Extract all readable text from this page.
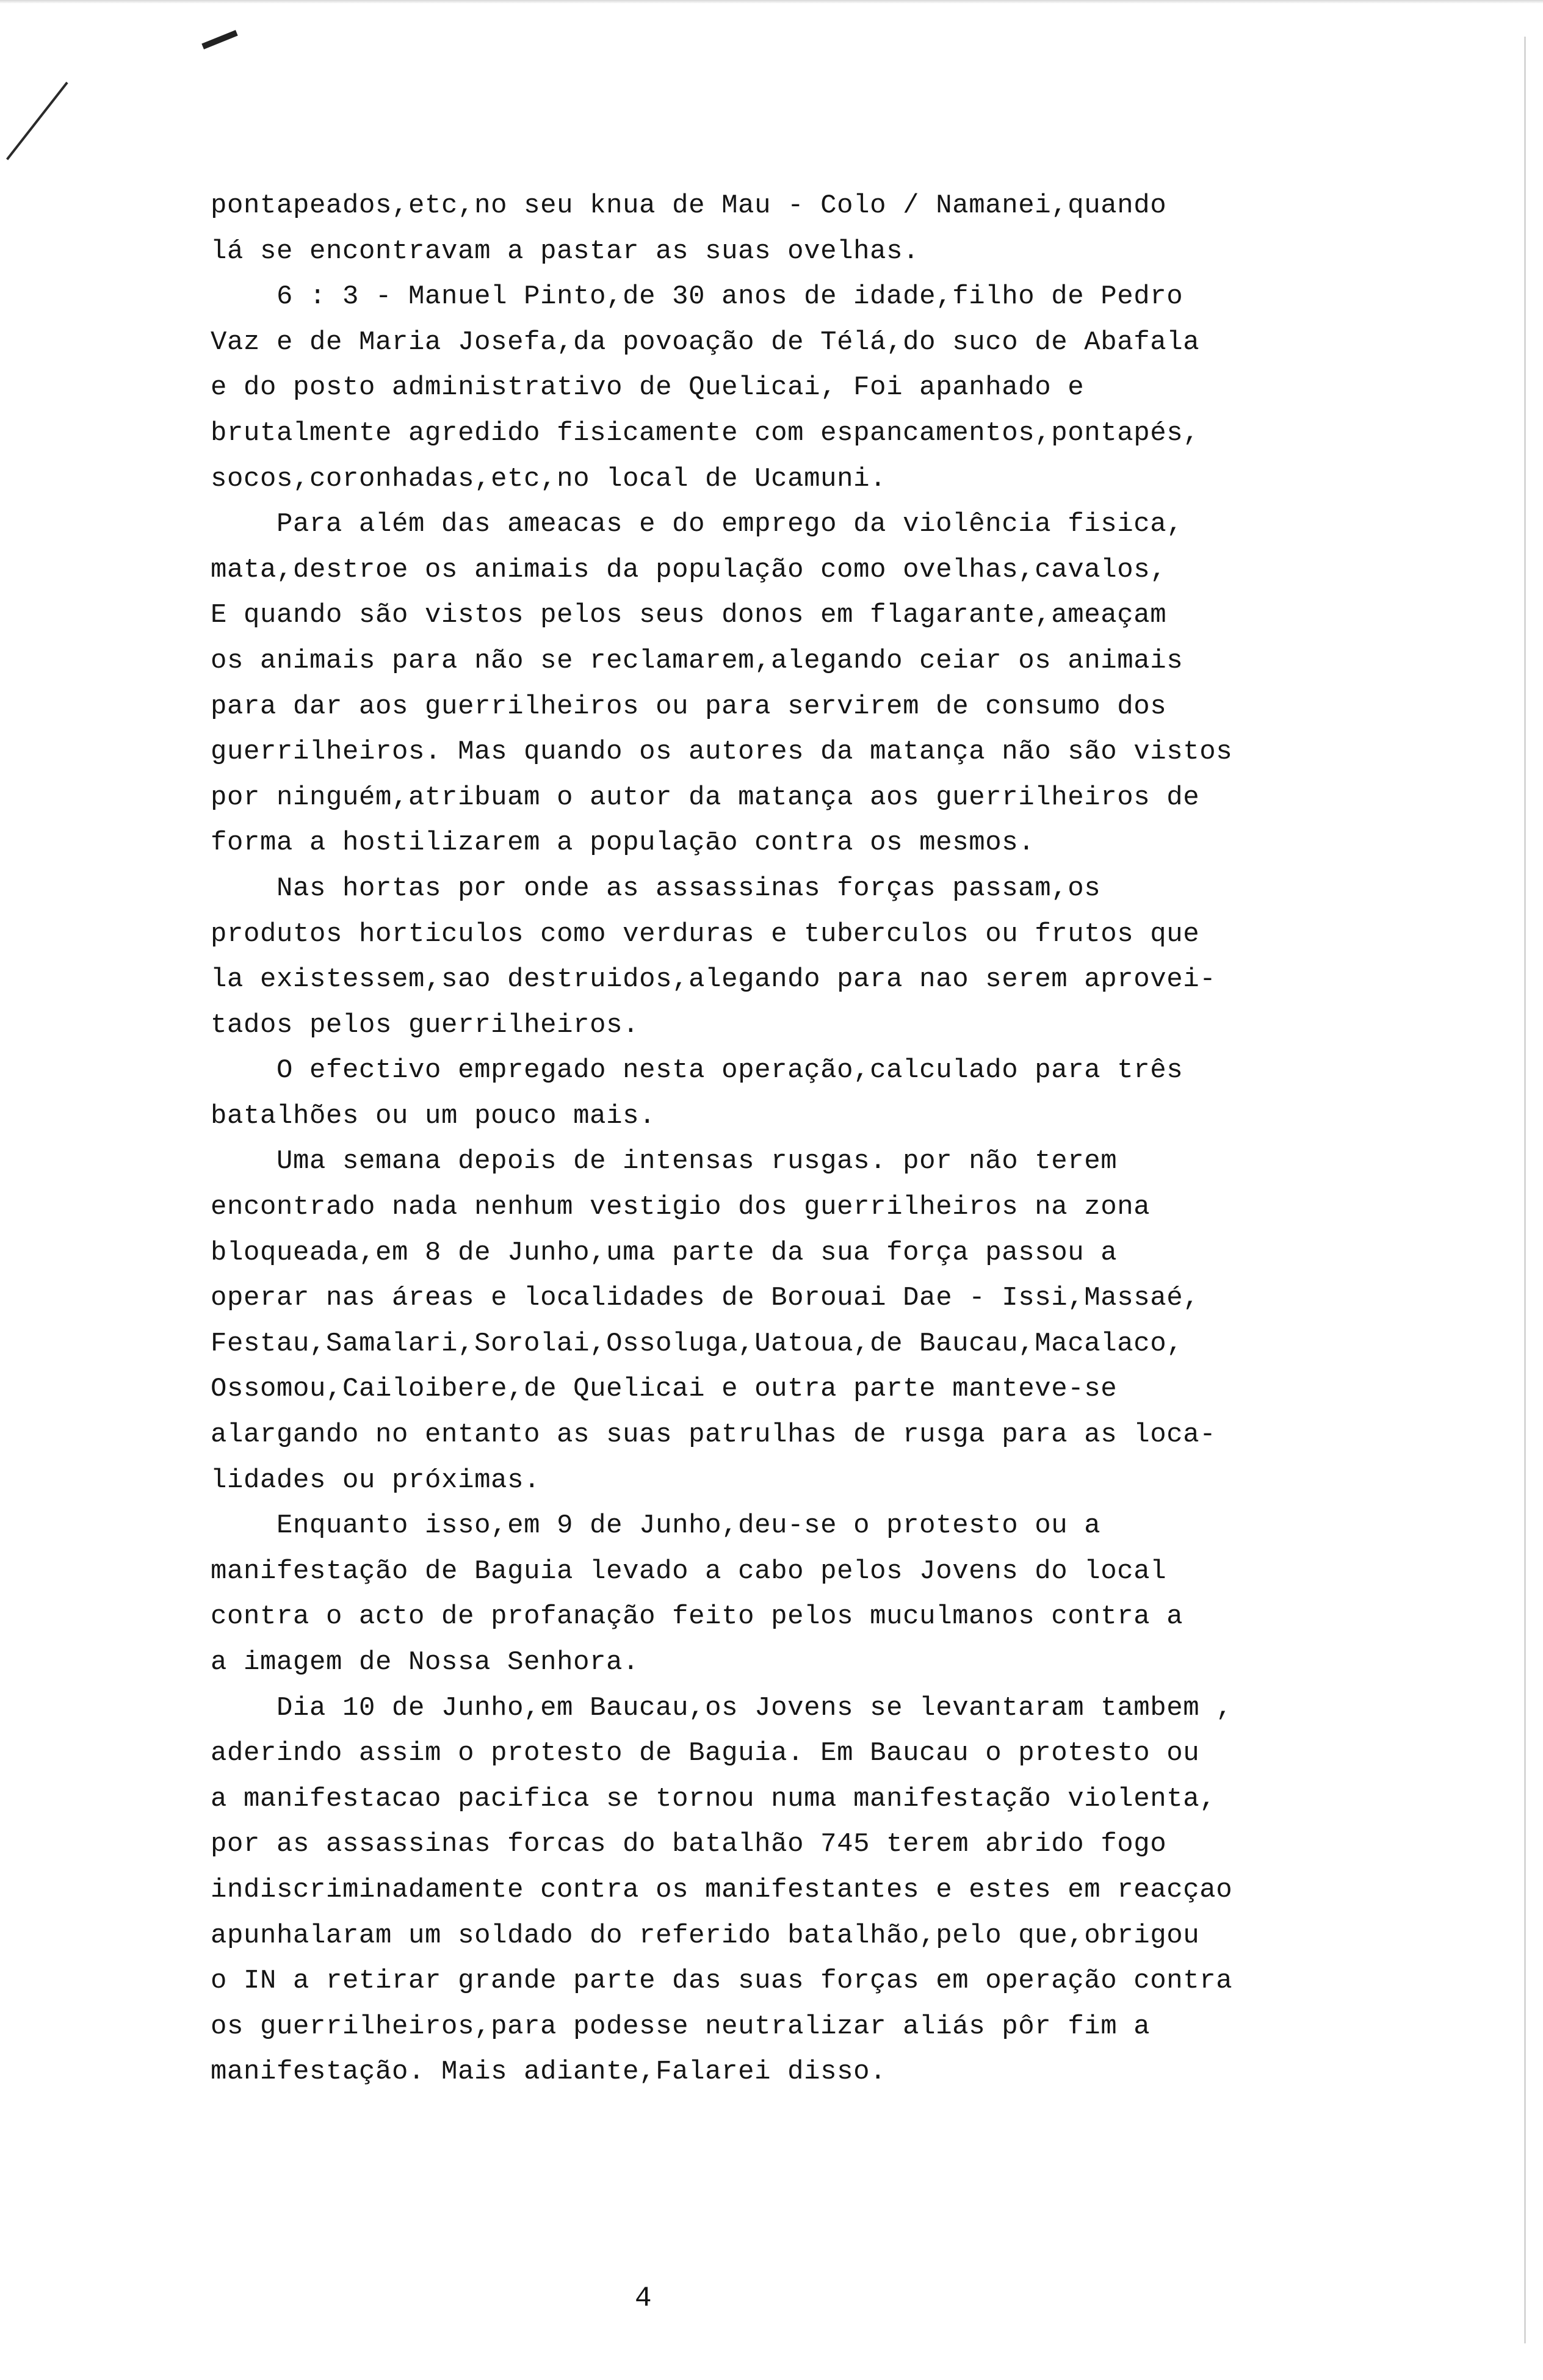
pontapeados,etc,no seu knua de Mau - Colo / Namanei,quando
lá se encontravam a pastar as suas ovelhas.
6 : 3 - Manuel Pinto,de 30 anos de idade,filho de Pedro
Vaz e de Maria Josefa,da povoação de Télá,do suco de Abafala
e do posto administrativo de Quelicai, Foi apanhado e
brutalmente agredido fisicamente com espancamentos,pontapés,
socos,coronhadas,etc,no local de Ucamuni.
Para além das ameacas e do emprego da violência fisica,
mata,destroe os animais da população como ovelhas,cavalos,
E quando são vistos pelos seus donos em flagarante,ameaçam
os animais para não se reclamarem,alegando ceiar os animais
para dar aos guerrilheiros ou para servirem de consumo dos
guerrilheiros. Mas quando os autores da matança não são vistos
por ninguém,atribuam o autor da matança aos guerrilheiros de
forma a hostilizarem a populaçāo contra os mesmos.
Nas hortas por onde as assassinas forças passam,os
produtos horticulos como verduras e tuberculos ou frutos que
la existessem,sao destruidos,alegando para nao serem aprovei-
tados pelos guerrilheiros.
O efectivo empregado nesta operação,calculado para três
batalhões ou um pouco mais.
Uma semana depois de intensas rusgas. por não terem
encontrado nada nenhum vestigio dos guerrilheiros na zona
bloqueada,em 8 de Junho,uma parte da sua força passou a
operar nas áreas e localidades de Borouai Dae - Issi,Massaé,
Festau,Samalari,Sorolai,Ossoluga,Uatoua,de Baucau,Macalaco,
Ossomou,Cailoibere,de Quelicai e outra parte manteve-se
alargando no entanto as suas patrulhas de rusga para as loca-
lidades ou próximas.
Enquanto isso,em 9 de Junho,deu-se o protesto ou a
manifestação de Baguia levado a cabo pelos Jovens do local
contra o acto de profanação feito pelos muculmanos contra a
a imagem de Nossa Senhora.
Dia 10 de Junho,em Baucau,os Jovens se levantaram tambem ,
aderindo assim o protesto de Baguia. Em Baucau o protesto ou
a manifestacao pacifica se tornou numa manifestação violenta,
por as assassinas forcas do batalhão 745 terem abrido fogo
indiscriminadamente contra os manifestantes e estes em reacçao
apunhalaram um soldado do referido batalhão,pelo que,obrigou
o IN a retirar grande parte das suas forças em operação contra
os guerrilheiros,para podesse neutralizar aliás pôr fim a
manifestação. Mais adiante,Falarei disso.
4
